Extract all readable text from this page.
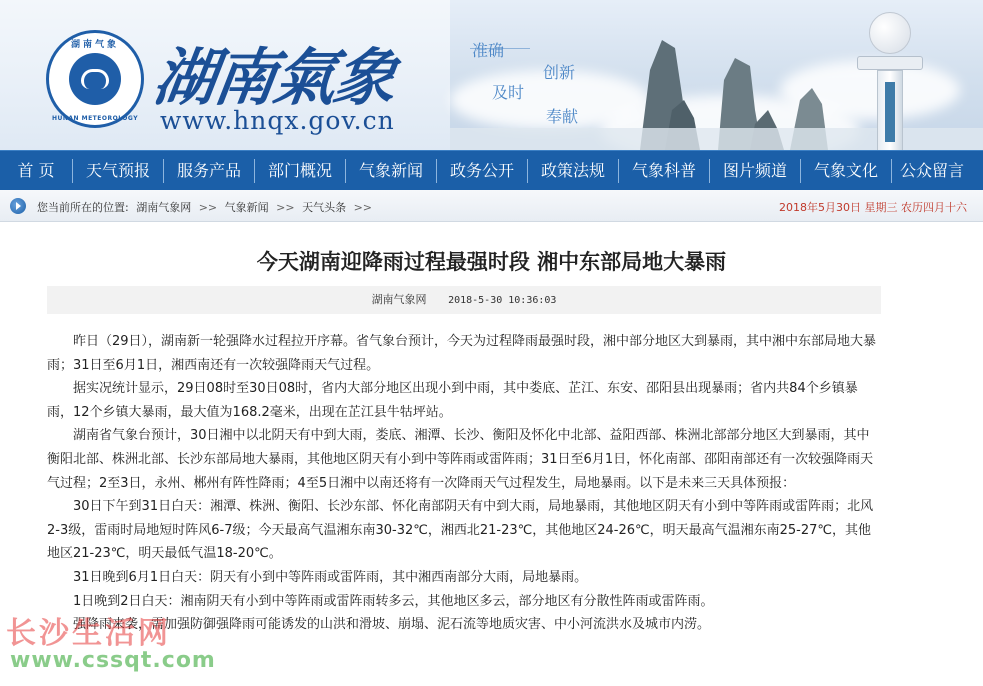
湖南气象
HUNAN METEOROLOGY
湖南氣象
www.hnqx.gov.cn
准确
创新
及时
奉献
首 页	天气预报	服务产品	部门概况	气象新闻	政务公开	政策法规	气象科普	图片频道	气象文化	公众留言
您当前所在的位置: 湖南气象网 >> 气象新闻 >> 天气头条 >>	2018年5月30日 星期三 农历四月十六
今天湖南迎降雨过程最强时段 湘中东部局地大暴雨
湖南气象网 2018-5-30 10:36:03

昨日（29日），湖南新一轮强降水过程拉开序幕。省气象台预计，今天为过程降雨最强时段，湘中部分地区大到暴雨，其中湘中东部局地大暴雨；31日至6月1日，湘西南还有一次较强降雨天气过程。

据实况统计显示，29日08时至30日08时，省内大部分地区出现小到中雨，其中娄底、芷江、东安、邵阳县出现暴雨；省内共84个乡镇暴雨，12个乡镇大暴雨，最大值为168.2毫米，出现在芷江县牛牯坪站。

湖南省气象台预计，30日湘中以北阴天有中到大雨，娄底、湘潭、长沙、衡阳及怀化中北部、益阳西部、株洲北部部分地区大到暴雨，其中衡阳北部、株洲北部、长沙东部局地大暴雨，其他地区阴天有小到中等阵雨或雷阵雨；31日至6月1日，怀化南部、邵阳南部还有一次较强降雨天气过程；2至3日，永州、郴州有阵性降雨；4至5日湘中以南还将有一次降雨天气过程发生，局地暴雨。以下是未来三天具体预报：

30日下午到31日白天：湘潭、株洲、衡阳、长沙东部、怀化南部阴天有中到大雨，局地暴雨，其他地区阴天有小到中等阵雨或雷阵雨；北风2-3级，雷雨时局地短时阵风6-7级；今天最高气温湘东南30-32℃，湘西北21-23℃，其他地区24-26℃，明天最高气温湘东南25-27℃，其他地区21-23℃，明天最低气温18-20℃。

31日晚到6月1日白天：阴天有小到中等阵雨或雷阵雨，其中湘西南部分大雨，局地暴雨。

1日晚到2日白天：湘南阴天有小到中等阵雨或雷阵雨转多云，其他地区多云，部分地区有分散性阵雨或雷阵雨。

强降雨来袭，需加强防御强降雨可能诱发的山洪和滑坡、崩塌、泥石流等地质灾害、中小河流洪水及城市内涝。

长沙生活网
www.cssqt.com
